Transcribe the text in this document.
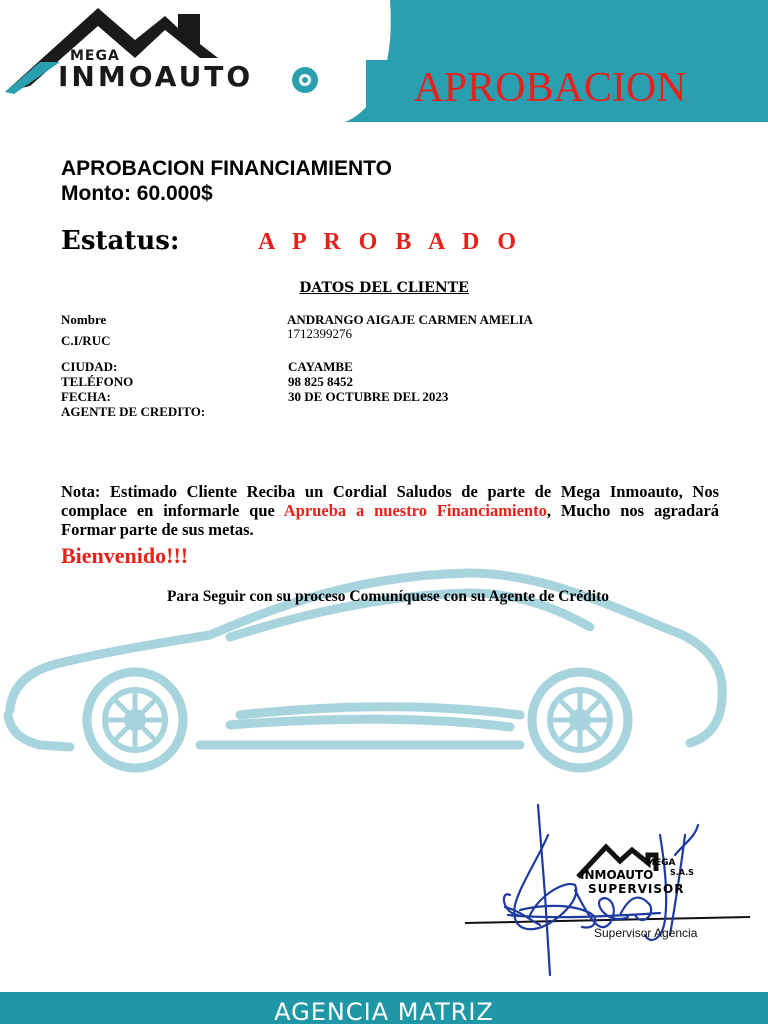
MEGA
INMOAUTO	APROBACION
APROBACION FINANCIAMIENTO
Monto: 60.000$
Estatus:	A P R O B A D O
DATOS DEL CLIENTE
Nombre	ANDRANGO AIGAJE CARMEN AMELIA
C.I/RUC	1712399276
CIUDAD:	CAYAMBE
TELÉFONO	98 825 8452
FECHA:	30 DE OCTUBRE DEL 2023
AGENTE DE CREDITO:
Nota: Estimado Cliente Reciba un Cordial Saludos de parte de Mega Inmoauto, Nos complace en informarle que Aprueba a nuestro Financiamiento, Mucho nos agradará Formar parte de sus metas.
Bienvenido!!!
Para Seguir con su proceso Comuníquese con su Agente de Crédito
MEGA
INMOAUTO S.A.S
SUPERVISOR
Supervisor Agencia
AGENCIA MATRIZ
